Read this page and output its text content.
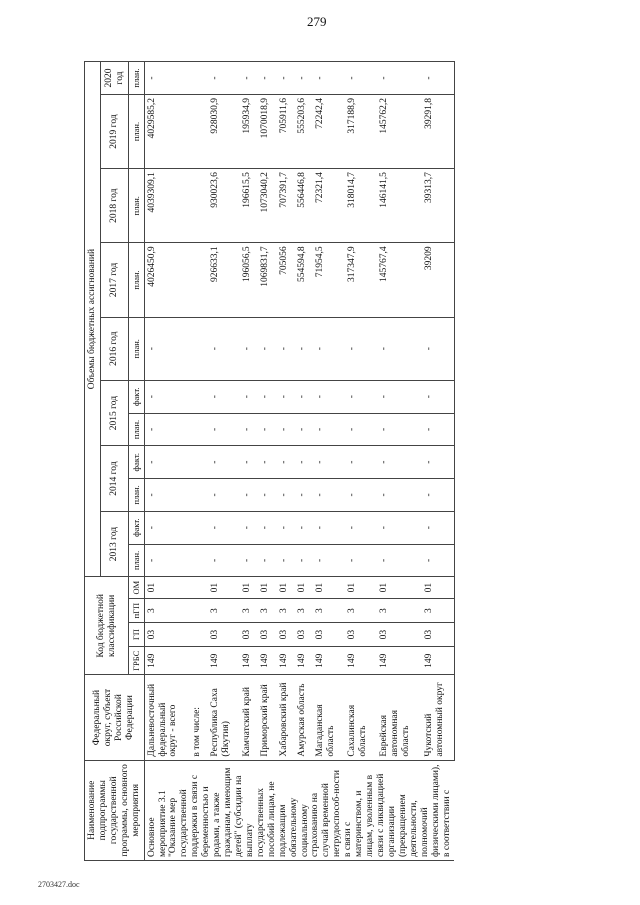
279
Наименование подпрограммы государственной программы, основного мероприятия	Федеральный округ, субъект Российской Федерации	Код бюджетной классификации				Объемы бюджетных ассигнований										
						2013 год		2014 год		2015 год		2016 год	2017 год	2018 год	2019 год	2020 год
		ГРБС	ГП	пГП	ОМ	план.	факт.	план.	факт.	план.	факт.	план.	план.	план.	план.	план.
Основное мероприятие 3.1 "Оказание мер государственной поддержки в связи с беременностью и родами, а также гражданам, имеющим детей" (субсидии на выплату государственных пособий лицам, не подлежащим обязательному социальному страхованию на случай временной нетрудоспособ-ности в связи с материнством, и лицам, уволенным в связи с ликвидацией организации (прекращением деятельности, полномочий физическими лицами), в соответствии с	Дальневосточный федеральный округ - всего	149	03	3	01	-	-	-	-	-	-	-	4026450,9	4039309,1	4029585,2	-
	в том числе:															
	Республика Саха (Якутия)	149	03	3	01	-	-	-	-	-	-	-	926633,1	930023,6	928030,9	-
	Камчатский край	149	03	3	01	-	-	-	-	-	-	-	196056,5	196615,5	195934,9	-
	Приморский край	149	03	3	01	-	-	-	-	-	-	-	1069831,7	1073040,2	1070018,9	-
	Хабаровский край	149	03	3	01	-	-	-	-	-	-	-	705056	707391,7	705911,6	-
	Амурская область	149	03	3	01	-	-	-	-	-	-	-	554594,8	556446,8	555203,6	-
	Магаданская область	149	03	3	01	-	-	-	-	-	-	-	71954,5	72321,4	72242,4	-
	Сахалинская область	149	03	3	01	-	-	-	-	-	-	-	317347,9	318014,7	317188,9	-
	Еврейская автономная область	149	03	3	01	-	-	-	-	-	-	-	145767,4	146141,5	145762,2	-
	Чукотский автономный округ	149	03	3	01	-	-	-	-	-	-	-	39209	39313,7	39291,8	-
2703427.doc
